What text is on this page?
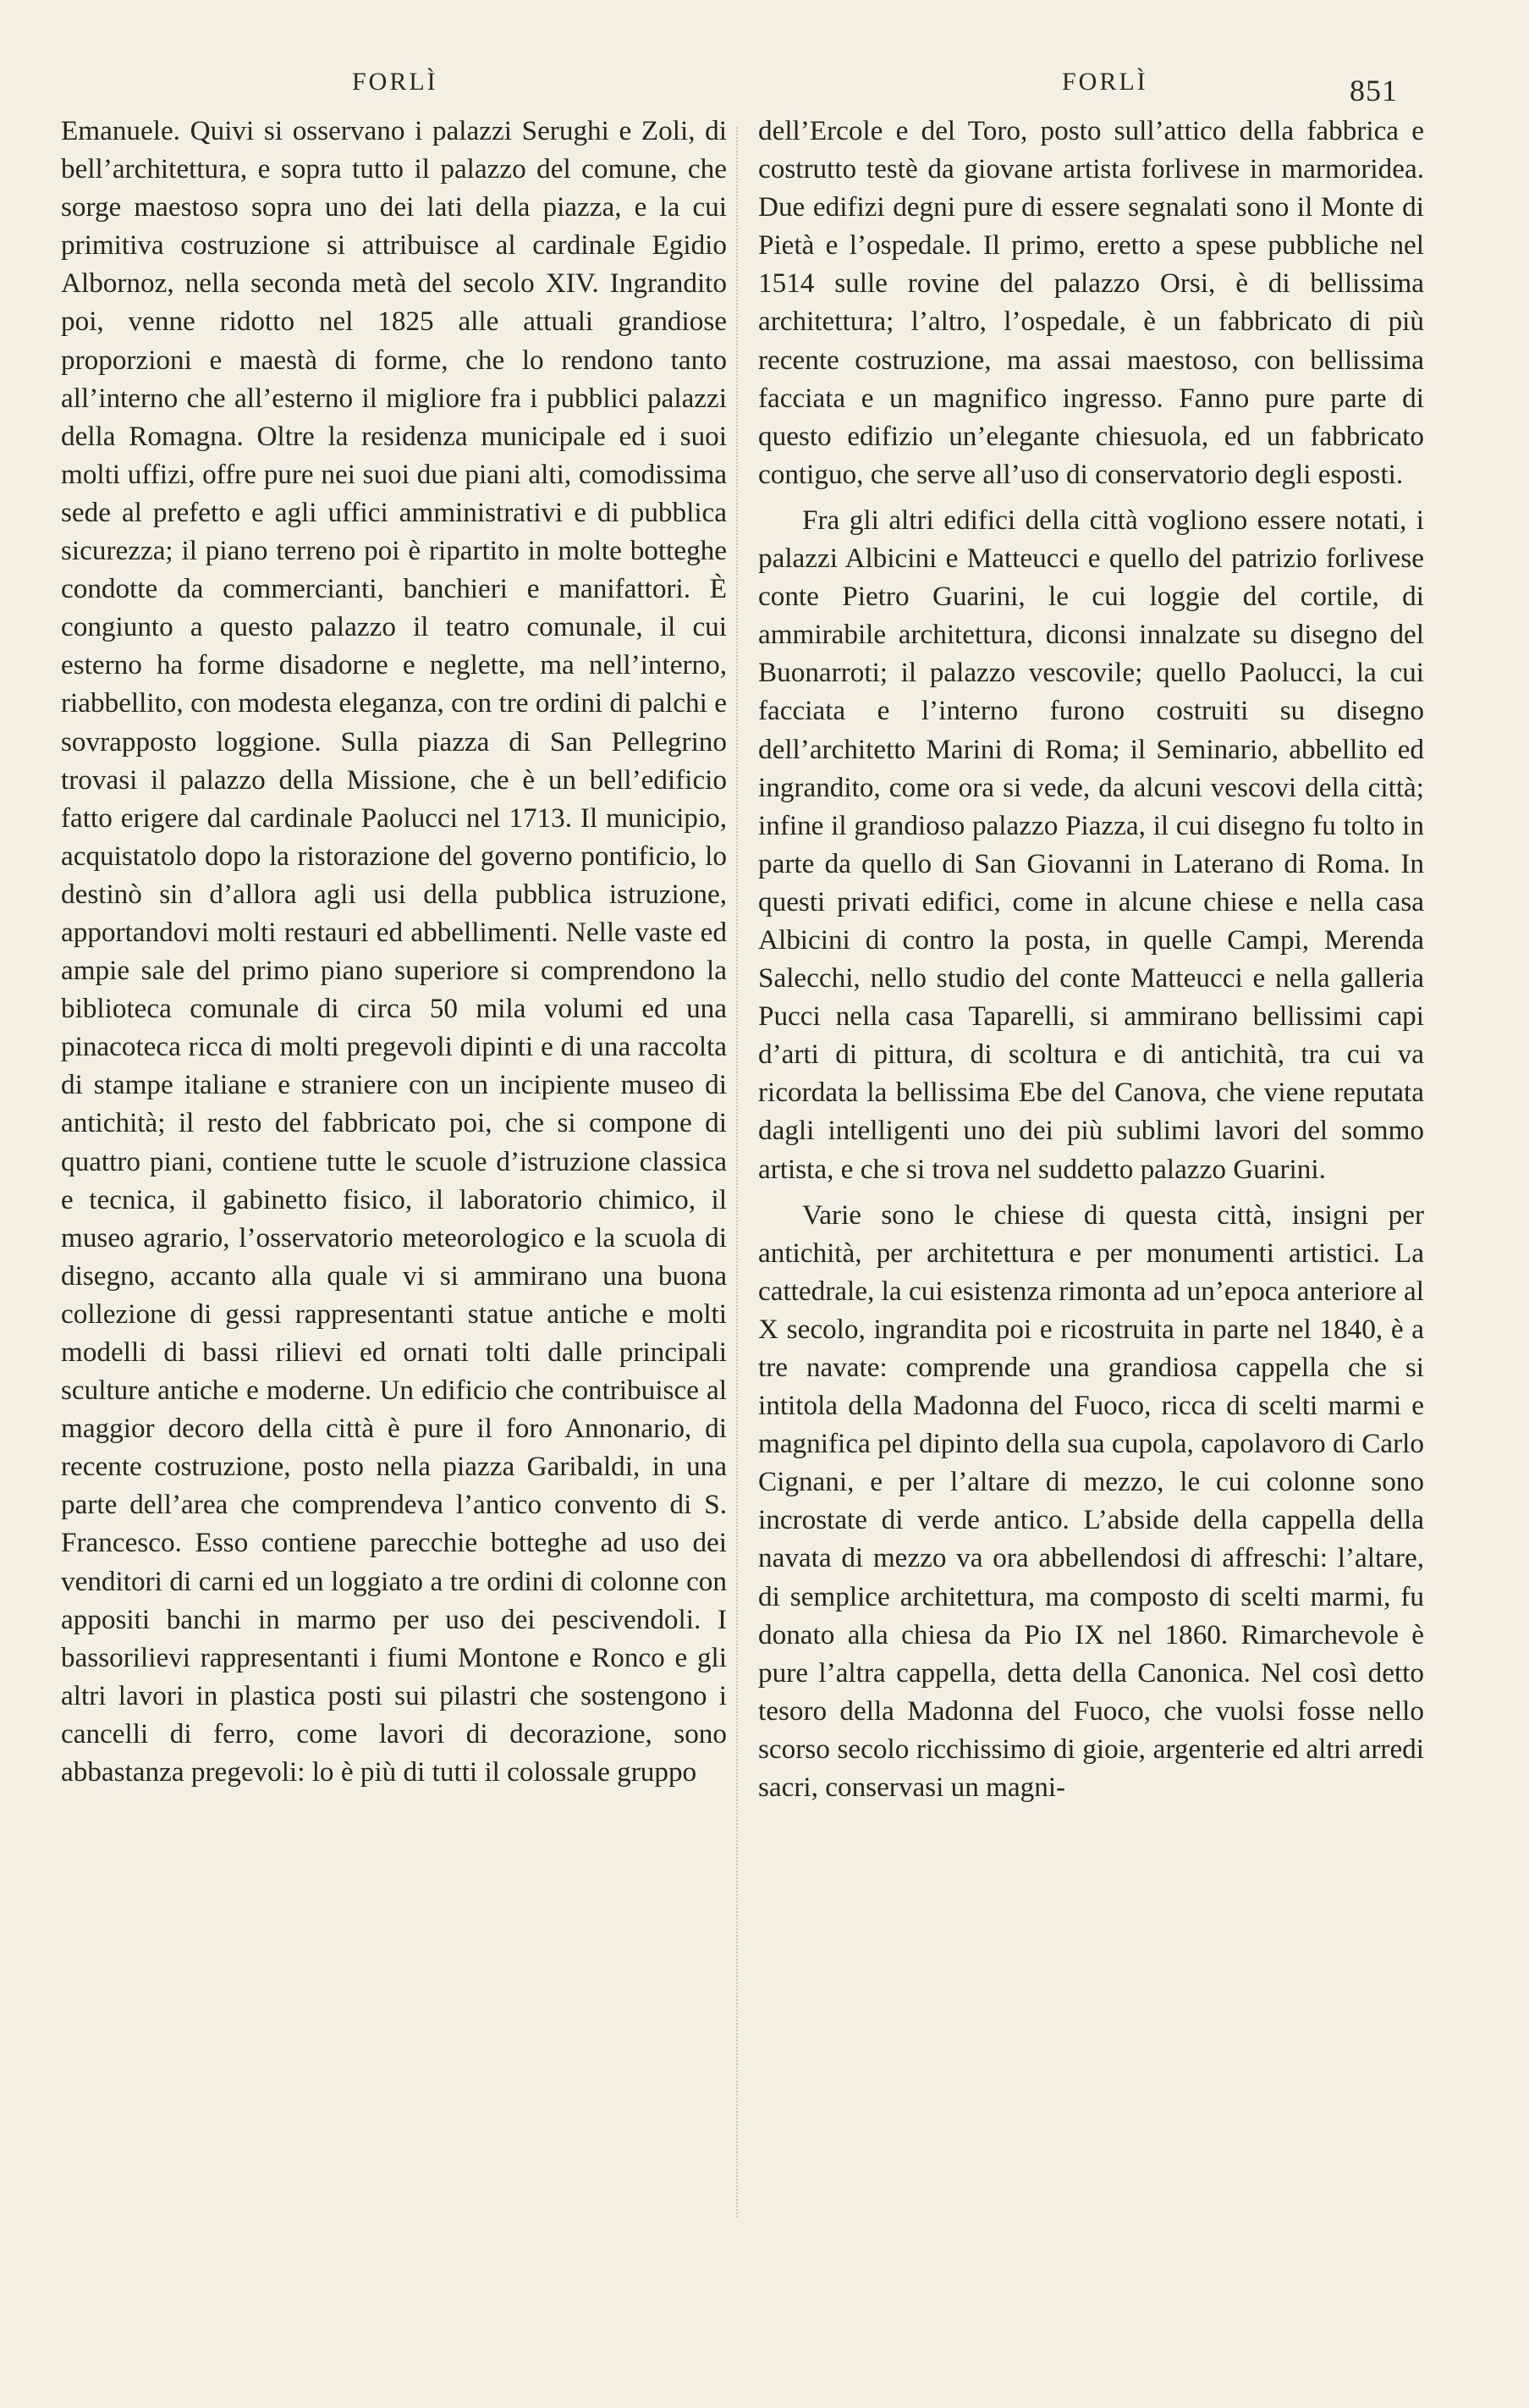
FORLÌ	FORLÌ	851

Emanuele. Quivi si osservano i palazzi Serughi e Zoli, di bell’architettura, e sopra tutto il palazzo del comune, che sorge maestoso sopra uno dei lati della piazza, e la cui primitiva costruzione si attribuisce al cardinale Egidio Albornoz, nella seconda metà del secolo XIV. Ingrandito poi, venne ridotto nel 1825 alle attuali grandiose proporzioni e maestà di forme, che lo rendono tanto all’interno che all’esterno il migliore fra i pubblici palazzi della Romagna. Oltre la residenza municipale ed i suoi molti uffizi, offre pure nei suoi due piani alti, comodissima sede al prefetto e agli uffici amministrativi e di pubblica sicurezza; il piano terreno poi è ripartito in molte botteghe condotte da commercianti, banchieri e manifattori. È congiunto a questo palazzo il teatro comunale, il cui esterno ha forme disadorne e neglette, ma nell’interno, riabbellito, con modesta eleganza, con tre ordini di palchi e sovrapposto loggione. Sulla piazza di San Pellegrino trovasi il palazzo della Missione, che è un bell’edificio fatto erigere dal cardinale Paolucci nel 1713. Il municipio, acquistatolo dopo la ristorazione del governo pontificio, lo destinò sin d’allora agli usi della pubblica istruzione, apportandovi molti restauri ed abbellimenti. Nelle vaste ed ampie sale del primo piano superiore si comprendono la biblioteca comunale di circa 50 mila volumi ed una pinacoteca ricca di molti pregevoli dipinti e di una raccolta di stampe italiane e straniere con un incipiente museo di antichità; il resto del fabbricato poi, che si compone di quattro piani, contiene tutte le scuole d’istruzione classica e tecnica, il gabinetto fisico, il laboratorio chimico, il museo agrario, l’osservatorio meteorologico e la scuola di disegno, accanto alla quale vi si ammirano una buona collezione di gessi rappresentanti statue antiche e molti modelli di bassi rilievi ed ornati tolti dalle principali sculture antiche e moderne. Un edificio che contribuisce al maggior decoro della città è pure il foro Annonario, di recente costruzione, posto nella piazza Garibaldi, in una parte dell’area che comprendeva l’antico convento di S. Francesco. Esso contiene parecchie botteghe ad uso dei venditori di carni ed un loggiato a tre ordini di colonne con appositi banchi in marmo per uso dei pescivendoli. I bassorilievi rappresentanti i fiumi Montone e Ronco e gli altri lavori in plastica posti sui pilastri che sostengono i cancelli di ferro, come lavori di decorazione, sono abbastanza pregevoli: lo è più di tutti il colossale gruppo

dell’Ercole e del Toro, posto sull’attico della fabbrica e costrutto testè da giovane artista forlivese in marmoridea. Due edifizi degni pure di essere segnalati sono il Monte di Pietà e l’ospedale. Il primo, eretto a spese pubbliche nel 1514 sulle rovine del palazzo Orsi, è di bellissima architettura; l’altro, l’ospedale, è un fabbricato di più recente costruzione, ma assai maestoso, con bellissima facciata e un magnifico ingresso. Fanno pure parte di questo edifizio un’elegante chiesuola, ed un fabbricato contiguo, che serve all’uso di conservatorio degli esposti.

Fra gli altri edifici della città vogliono essere notati, i palazzi Albicini e Matteucci e quello del patrizio forlivese conte Pietro Guarini, le cui loggie del cortile, di ammirabile architettura, diconsi innalzate su disegno del Buonarroti; il palazzo vescovile; quello Paolucci, la cui facciata e l’interno furono costruiti su disegno dell’architetto Marini di Roma; il Seminario, abbellito ed ingrandito, come ora si vede, da alcuni vescovi della città; infine il grandioso palazzo Piazza, il cui disegno fu tolto in parte da quello di San Giovanni in Laterano di Roma. In questi privati edifici, come in alcune chiese e nella casa Albicini di contro la posta, in quelle Campi, Merenda Salecchi, nello studio del conte Matteucci e nella galleria Pucci nella casa Taparelli, si ammirano bellissimi capi d’arti di pittura, di scoltura e di antichità, tra cui va ricordata la bellissima Ebe del Canova, che viene reputata dagli intelligenti uno dei più sublimi lavori del sommo artista, e che si trova nel suddetto palazzo Guarini.

Varie sono le chiese di questa città, insigni per antichità, per architettura e per monumenti artistici. La cattedrale, la cui esistenza rimonta ad un’epoca anteriore al X secolo, ingrandita poi e ricostruita in parte nel 1840, è a tre navate: comprende una grandiosa cappella che si intitola della Madonna del Fuoco, ricca di scelti marmi e magnifica pel dipinto della sua cupola, capolavoro di Carlo Cignani, e per l’altare di mezzo, le cui colonne sono incrostate di verde antico. L’abside della cappella della navata di mezzo va ora abbellendosi di affreschi: l’altare, di semplice architettura, ma composto di scelti marmi, fu donato alla chiesa da Pio IX nel 1860. Rimarchevole è pure l’altra cappella, detta della Canonica. Nel così detto tesoro della Madonna del Fuoco, che vuolsi fosse nello scorso secolo ricchissimo di gioie, argenterie ed altri arredi sacri, conservasi un magni-
